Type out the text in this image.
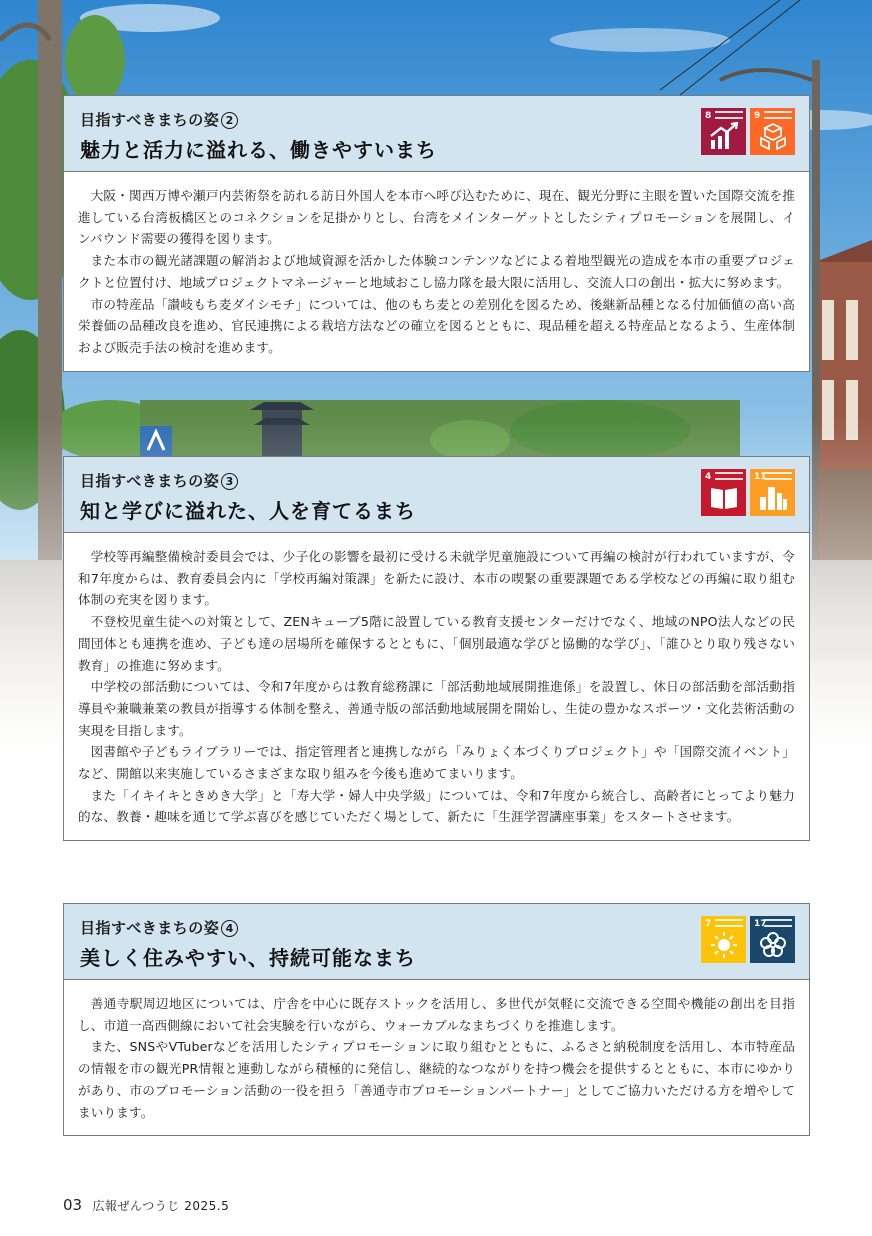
目指すべきまちの姿 2
魅力と活力に溢れる、働きやすいまち
8	9

大阪・関西万博や瀬戸内芸術祭を訪れる訪日外国人を本市へ呼び込むために、現在、観光分野に主眼を置いた国際交流を推進している台湾板橋区とのコネクションを足掛かりとし、台湾をメインターゲットとしたシティプロモーションを展開し、インバウンド需要の獲得を図ります。

また本市の観光諸課題の解消および地域資源を活かした体験コンテンツなどによる着地型観光の造成を本市の重要プロジェクトと位置付け、地域プロジェクトマネージャーと地域おこし協力隊を最大限に活用し、交流人口の創出・拡大に努めます。

市の特産品「讃岐もち麦ダイシモチ」については、他のもち麦との差別化を図るため、後継新品種となる付加価値の高い高栄養価の品種改良を進め、官民連携による栽培方法などの確立を図るとともに、現品種を超える特産品となるよう、生産体制および販売手法の検討を進めます。

目指すべきまちの姿 3
知と学びに溢れた、人を育てるまち
4	11

学校等再編整備検討委員会では、少子化の影響を最初に受ける未就学児童施設について再編の検討が行われていますが、令和7年度からは、教育委員会内に「学校再編対策課」を新たに設け、本市の喫緊の重要課題である学校などの再編に取り組む体制の充実を図ります。

不登校児童生徒への対策として、ZENキューブ5階に設置している教育支援センターだけでなく、地域のNPO法人などの民間団体とも連携を進め、子ども達の居場所を確保するとともに、「個別最適な学びと協働的な学び」、「誰ひとり取り残さない教育」の推進に努めます。

中学校の部活動については、令和7年度からは教育総務課に「部活動地域展開推進係」を設置し、休日の部活動を部活動指導員や兼職兼業の教員が指導する体制を整え、善通寺版の部活動地域展開を開始し、生徒の豊かなスポーツ・文化芸術活動の実現を目指します。

図書館や子どもライブラリーでは、指定管理者と連携しながら「みりょく本づくりプロジェクト」や「国際交流イベント」など、開館以来実施しているさまざまな取り組みを今後も進めてまいります。

また「イキイキときめき大学」と「寿大学・婦人中央学級」については、令和7年度から統合し、高齢者にとってより魅力的な、教養・趣味を通じて学ぶ喜びを感じていただく場として、新たに「生涯学習講座事業」をスタートさせます。

目指すべきまちの姿 4
美しく住みやすい、持続可能なまち
7	17

善通寺駅周辺地区については、庁舎を中心に既存ストックを活用し、多世代が気軽に交流できる空間や機能の創出を目指し、市道一高西側線において社会実験を行いながら、ウォーカブルなまちづくりを推進します。

また、SNSやVTuberなどを活用したシティプロモーションに取り組むとともに、ふるさと納税制度を活用し、本市特産品の情報を市の観光PR情報と連動しながら積極的に発信し、継続的なつながりを持つ機会を提供するとともに、本市にゆかりがあり、市のプロモーション活動の一役を担う「善通寺市プロモーションパートナー」としてご協力いただける方を増やしてまいります。

03 広報ぜんつうじ 2025.5
